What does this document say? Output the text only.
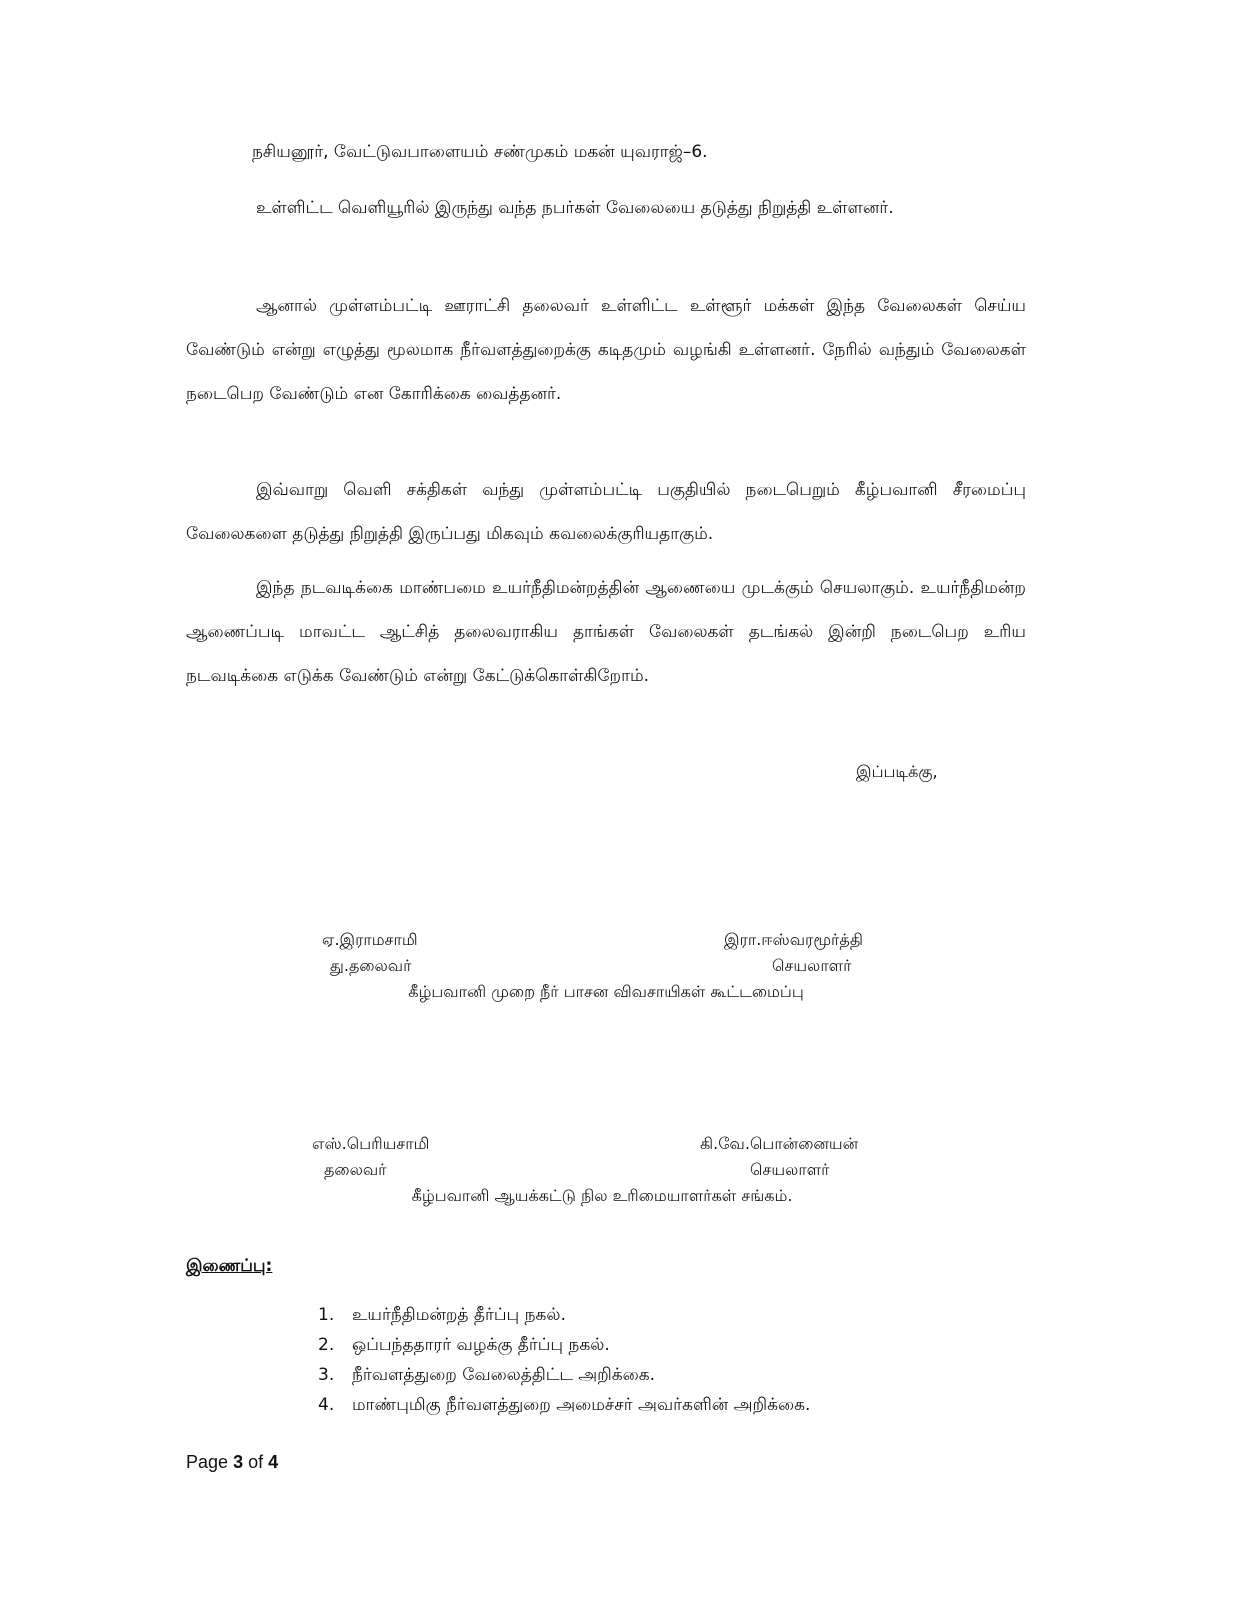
நசியனூர், வேட்டுவபாளையம் சண்முகம் மகன் யுவராஜ்–6.

உள்ளிட்ட வெளியூரில் இருந்து வந்த நபர்கள் வேலையை தடுத்து நிறுத்தி உள்ளனர்.

ஆனால் முள்ளம்பட்டி ஊராட்சி தலைவர் உள்ளிட்ட உள்ளூர் மக்கள் இந்த வேலைகள் செய்ய வேண்டும் என்று எழுத்து மூலமாக நீர்வளத்துறைக்கு கடிதமும் வழங்கி உள்ளனர். நேரில் வந்தும் வேலைகள் நடைபெற வேண்டும் என கோரிக்கை வைத்தனர்.

இவ்வாறு வெளி சக்திகள் வந்து முள்ளம்பட்டி பகுதியில் நடைபெறும் கீழ்பவானி சீரமைப்பு வேலைகளை தடுத்து நிறுத்தி இருப்பது மிகவும் கவலைக்குரியதாகும்.

இந்த நடவடிக்கை மாண்பமை உயர்நீதிமன்றத்தின் ஆணையை முடக்கும் செயலாகும். உயர்நீதிமன்ற ஆணைப்படி மாவட்ட ஆட்சித் தலைவராகிய தாங்கள் வேலைகள் தடங்கல் இன்றி நடைபெற உரிய நடவடிக்கை எடுக்க வேண்டும் என்று கேட்டுக்கொள்கிறோம்.

இப்படிக்கு,

ஏ.இராமசாமி	இரா.ஈஸ்வரமூர்த்தி
து.தலைவர்	செயலாளர்
கீழ்பவானி முறை நீர் பாசன விவசாயிகள் கூட்டமைப்பு
எஸ்.பெரியசாமி	கி.வே.பொன்னையன்
தலைவர்	செயலாளர்
கீழ்பவானி ஆயக்கட்டு நில உரிமையாளர்கள் சங்கம்.
இணைப்பு:
1. உயர்நீதிமன்றத் தீர்ப்பு நகல்.
2. ஒப்பந்ததாரர் வழக்கு தீர்ப்பு நகல்.
3. நீர்வளத்துறை வேலைத்திட்ட அறிக்கை.
4. மாண்புமிகு நீர்வளத்துறை அமைச்சர் அவர்களின் அறிக்கை.
Page 3 of 4
